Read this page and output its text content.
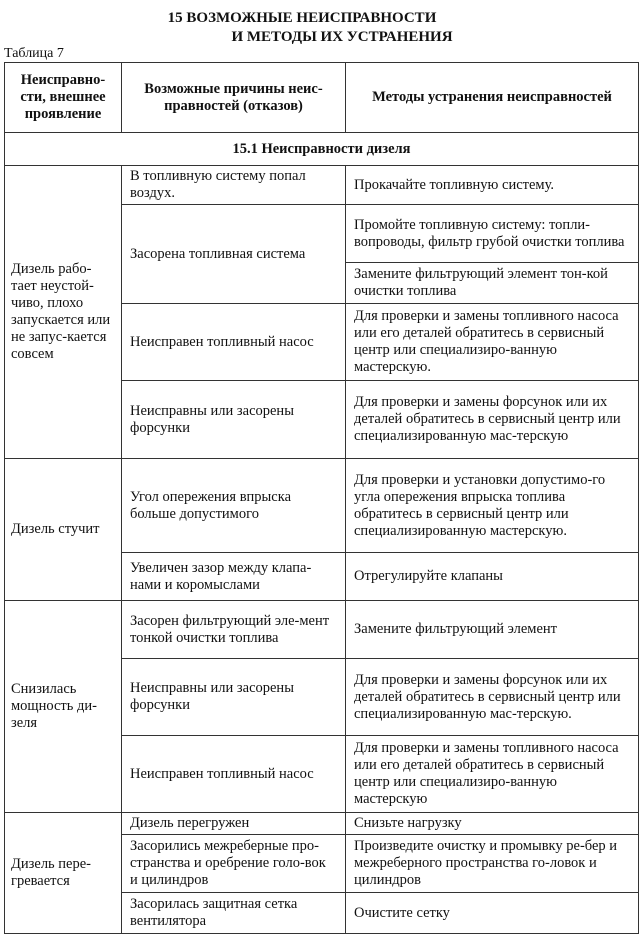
15 ВОЗМОЖНЫЕ НЕИСПРАВНОСТИ
И МЕТОДЫ ИХ УСТРАНЕНИЯ
Таблица 7
Неисправно-сти, внешнее проявление	Возможные причины неис-правностей (отказов)	Методы устранения неисправностей
15.1 Неисправности дизеля		
Дизель рабо-тает неустой-чиво, плохо запускается или не запус-кается совсем	В топливную систему попал воздух.	Прокачайте топливную систему.
	Засорена топливная система	Промойте топливную систему: топли-вопроводы, фильтр грубой очистки топлива
		Замените фильтрующий элемент тон-кой очистки топлива
	Неисправен топливный насос	Для проверки и замены топливного насоса или его деталей обратитесь в сервисный центр или специализиро-ванную мастерскую.
	Неисправны или засорены форсунки	Для проверки и замены форсунок или их деталей обратитесь в сервисный центр или специализированную мас-терскую
Дизель стучит	Угол опережения впрыска больше допустимого	Для проверки и установки допустимо-го угла опережения впрыска топлива обратитесь в сервисный центр или специализированную мастерскую.
	Увеличен зазор между клапа-нами и коромыслами	Отрегулируйте клапаны
Снизилась мощность ди-зеля	Засорен фильтрующий эле-мент тонкой очистки топлива	Замените фильтрующий элемент
	Неисправны или засорены форсунки	Для проверки и замены форсунок или их деталей обратитесь в сервисный центр или специализированную мас-терскую.
	Неисправен топливный насос	Для проверки и замены топливного насоса или его деталей обратитесь в сервисный центр или специализиро-ванную мастерскую
Дизель пере-гревается	Дизель перегружен	Снизьте нагрузку
	Засорились межреберные про-странства и оребрение голо-вок и цилиндров	Произведите очистку и промывку ре-бер и межреберного пространства го-ловок и цилиндров
	Засорилась защитная сетка вентилятора	Очистите сетку
